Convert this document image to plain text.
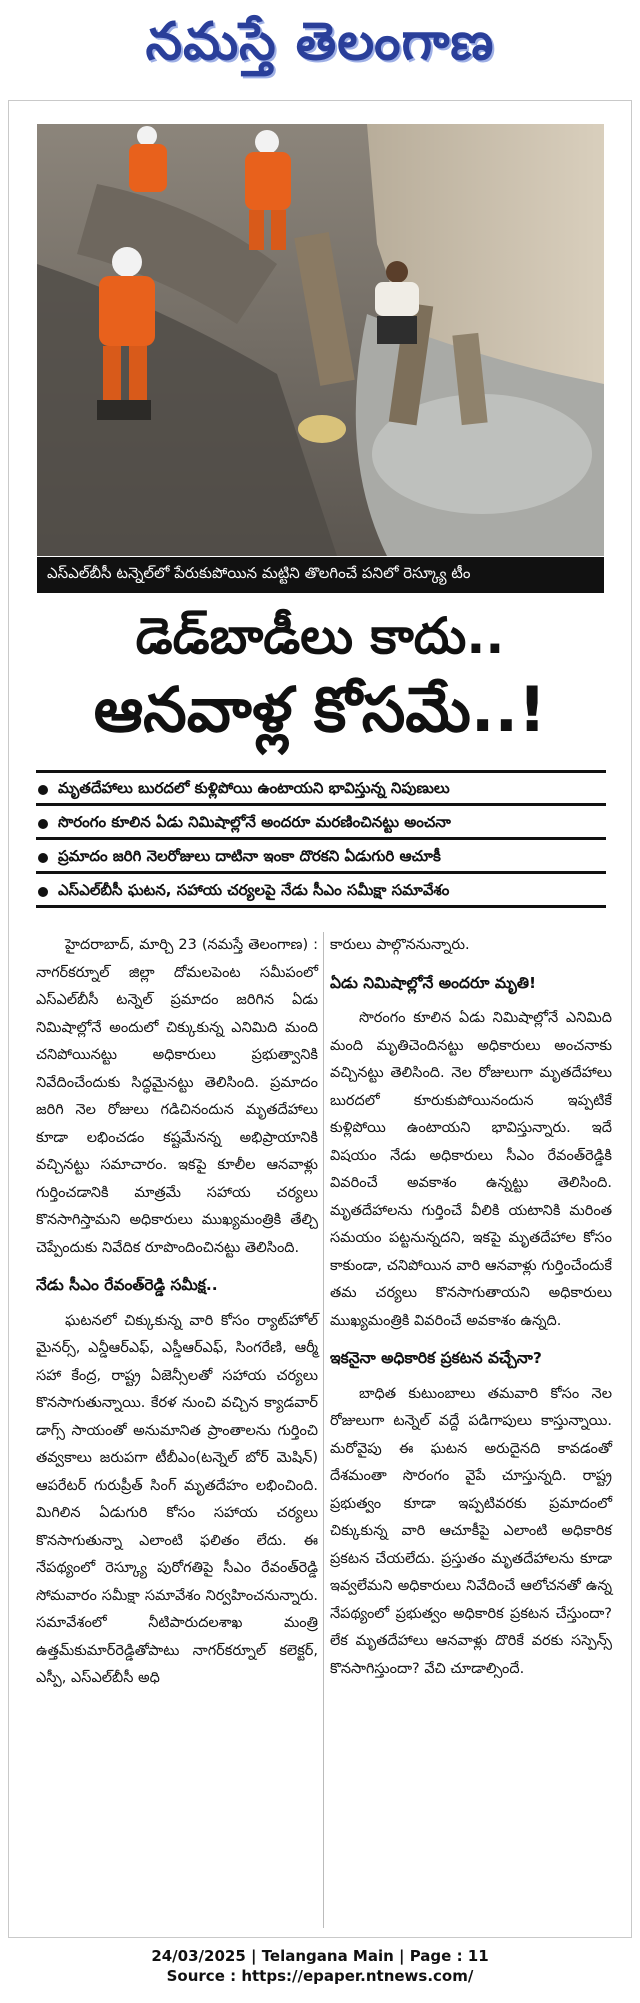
నమస్తే తెలంగాణ
ఎస్ఎల్‌బీసీ టన్నెల్‌లో పేరుకుపోయిన మట్టిని తొలగించే పనిలో రెస్క్యూ టీం
డెడ్‌బాడీలు కాదు..
ఆనవాళ్ల కోసమే..!
మృతదేహాలు బురదలో కుళ్లిపోయి ఉంటాయని భావిస్తున్న నిపుణులు
సొరంగం కూలిన ఏడు నిమిషాల్లోనే అందరూ మరణించినట్టు అంచనా
ప్రమాదం జరిగి నెలరోజులు దాటినా ఇంకా దొరకని ఏడుగురి ఆచూకీ
ఎస్ఎల్‌బీసీ ఘటన, సహాయ చర్యలపై నేడు సీఎం సమీక్షా సమావేశం

హైదరాబాద్, మార్చి 23 (నమస్తే తెలంగాణ) : నాగర్‌కర్నూల్ జిల్లా దోమలపెంట సమీపంలో ఎస్ఎల్‌బీసీ టన్నెల్ ప్రమాదం జరిగిన ఏడు నిమిషాల్లోనే అందులో చిక్కుకున్న ఎనిమిది మంది చనిపోయినట్టు అధికారులు ప్రభుత్వానికి నివేదించేందుకు సిద్ధమైనట్టు తెలిసింది. ప్రమాదం జరిగి నెల రోజులు గడిచినందున మృతదేహాలు కూడా లభించడం కష్టమేనన్న అభిప్రాయానికి వచ్చినట్టు సమాచారం. ఇకపై కూలీల ఆనవాళ్లు గుర్తించడానికి మాత్రమే సహాయ చర్యలు కొనసాగిస్తామని అధికారులు ముఖ్యమంత్రికి తేల్చి చెప్పేందుకు నివేదిక రూపొందించినట్టు తెలిసింది.

నేడు సీఎం రేవంత్‌రెడ్డి సమీక్ష..

ఘటనలో చిక్కుకున్న వారి కోసం ర్యాట్‌హోల్ మైనర్స్, ఎన్డీఆర్‌ఎఫ్, ఎస్డీఆర్‌ఎఫ్, సింగరేణి, ఆర్మీ సహా కేంద్ర, రాష్ట్ర ఏజెన్సీలతో సహాయ చర్యలు కొనసాగుతున్నాయి. కేరళ నుంచి వచ్చిన క్యాడవార్ డాగ్స్ సాయంతో అనుమానిత ప్రాంతాలను గుర్తించి తవ్వకాలు జరుపగా టీబీఎం(టన్నెల్ బోర్ మెషిన్) ఆపరేటర్ గురుప్రీత్ సింగ్ మృతదేహం లభించింది. మిగిలిన ఏడుగురి కోసం సహాయ చర్యలు కొనసాగుతున్నా ఎలాంటి ఫలితం లేదు. ఈ నేపథ్యంలో రెస్క్యూ పురోగతిపై సీఎం రేవంత్‌రెడ్డి సోమవారం సమీక్షా సమావేశం నిర్వహించనున్నారు. సమావేశంలో నీటిపారుదలశాఖ మంత్రి ఉత్తమ్‌కుమార్‌రెడ్డితోపాటు నాగర్‌కర్నూల్ కలెక్టర్, ఎస్పీ, ఎస్ఎల్‌బీసీ అధి

కారులు పాల్గొననున్నారు.

ఏడు నిమిషాల్లోనే అందరూ మృతి!

సొరంగం కూలిన ఏడు నిమిషాల్లోనే ఎనిమిది మంది మృతిచెందినట్టు అధికారులు అంచనాకు వచ్చినట్టు తెలిసింది. నెల రోజులుగా మృతదేహాలు బురదలో కూరుకుపోయినందున ఇప్పటికే కుళ్లిపోయి ఉంటాయని భావిస్తున్నారు. ఇదే విషయం నేడు అధికారులు సీఎం రేవంత్‌రెడ్డికి వివరించే అవకాశం ఉన్నట్టు తెలిసింది. మృతదేహాలను గుర్తించే వీలికి యటానికి మరింత సమయం పట్టనున్నదని, ఇకపై మృతదేహాల కోసం కాకుండా, చనిపోయిన వారి ఆనవాళ్లు గుర్తించేందుకే తమ చర్యలు కొనసాగుతాయని అధికారులు ముఖ్యమంత్రికి వివరించే అవకాశం ఉన్నది.

ఇకనైనా అధికారిక ప్రకటన వచ్చేనా?

బాధిత కుటుంబాలు తమవారి కోసం నెల రోజులుగా టన్నెల్ వద్దే పడిగాపులు కాస్తున్నాయి. మరోవైపు ఈ ఘటన అరుదైనది కావడంతో దేశమంతా సొరంగం వైపే చూస్తున్నది. రాష్ట్ర ప్రభుత్వం కూడా ఇప్పటివరకు ప్రమాదంలో చిక్కుకున్న వారి ఆచూకీపై ఎలాంటి అధికారిక ప్రకటన చేయలేదు. ప్రస్తుతం మృతదేహాలను కూడా ఇవ్వలేమని అధికారులు నివేదించే ఆలోచనతో ఉన్న నేపథ్యంలో ప్రభుత్వం అధికారిక ప్రకటన చేస్తుందా? లేక మృతదేహాలు ఆనవాళ్లు దొరికే వరకు సస్పెన్స్ కొనసాగిస్తుందా? వేచి చూడాల్సిందే.

24/03/2025 | Telangana Main | Page : 11
Source : https://epaper.ntnews.com/
